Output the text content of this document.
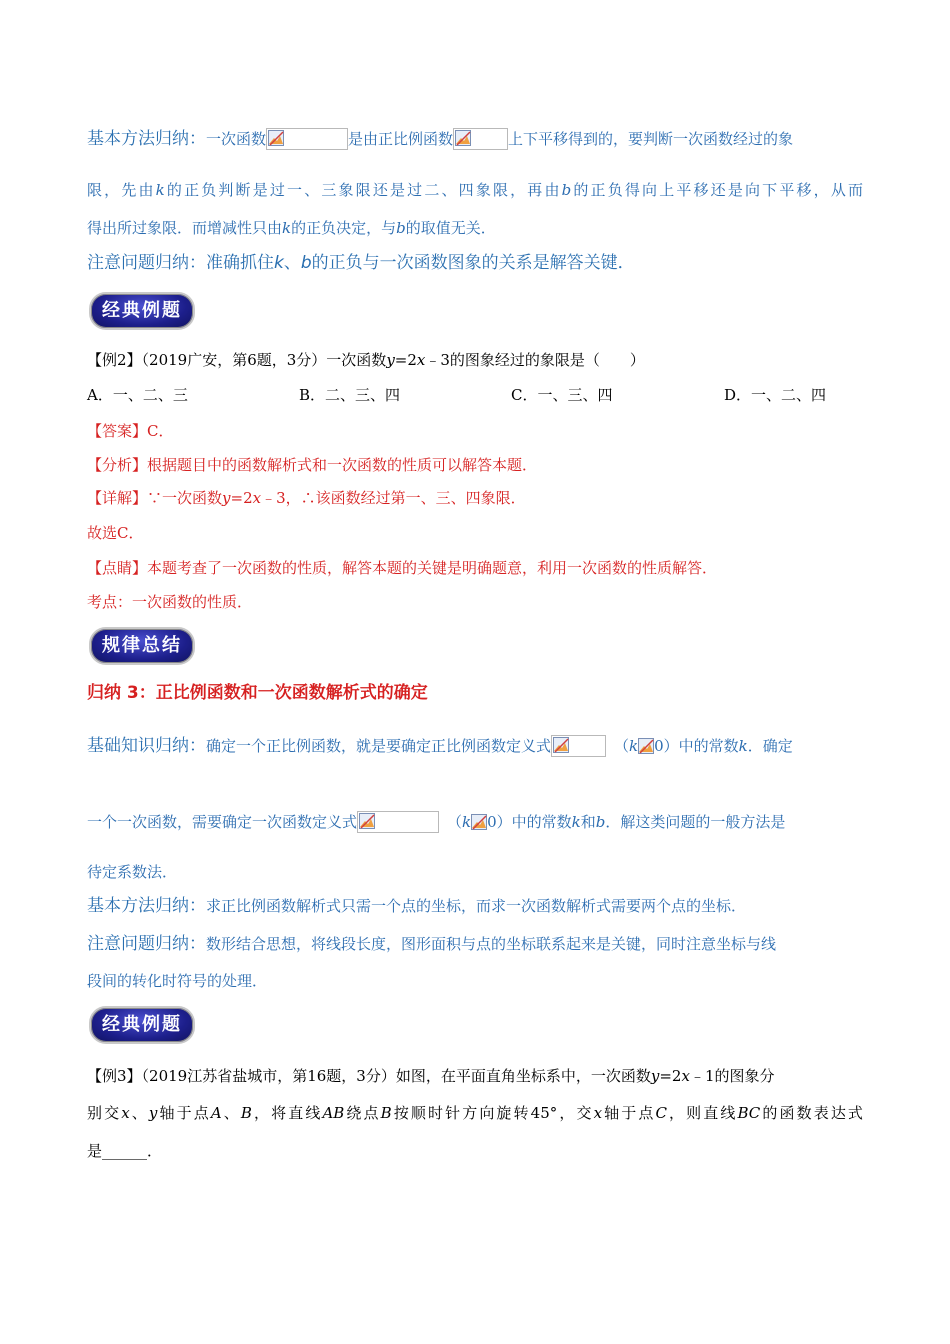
基本方法归纳：一次函数	是由正比例函数	上下平移得到的，要判断一次函数经过的象
限，先由k的正负判断是过一、三象限还是过二、四象限，再由b的正负得向上平移还是向下平移，从而
得出所过象限．而增减性只由k的正负决定，与b的取值无关．
注意问题归纳：准确抓住k、b的正负与一次函数图象的关系是解答关键．
经典例题
【例2】（2019广安，第6题，3分）一次函数y=2x﹣3的图象经过的象限是（　　）
A．一、二、三	B．二、三、四	C．一、三、四	D．一、二、四
【答案】C．
【分析】根据题目中的函数解析式和一次函数的性质可以解答本题．
【详解】∵一次函数y=2x﹣3，∴该函数经过第一、三、四象限．
故选C．
【点睛】本题考查了一次函数的性质，解答本题的关键是明确题意，利用一次函数的性质解答．
考点：一次函数的性质．
规律总结
归纳 3：正比例函数和一次函数解析式的确定
基础知识归纳：确定一个正比例函数，就是要确定正比例函数定义式	（k 0）中的常数k．确定
一个一次函数，需要确定一次函数定义式	（k 0）中的常数k和b．解这类问题的一般方法是
待定系数法．
基本方法归纳：求正比例函数解析式只需一个点的坐标，而求一次函数解析式需要两个点的坐标．
注意问题归纳：数形结合思想，将线段长度，图形面积与点的坐标联系起来是关键，同时注意坐标与线
段间的转化时符号的处理．
经典例题
【例3】（2019江苏省盐城市，第16题，3分）如图，在平面直角坐标系中，一次函数y=2x﹣1的图象分
别交x、y轴于点A、B，将直线AB绕点B按顺时针方向旋转45°，交x轴于点C，则直线BC的函数表达式
是______．
